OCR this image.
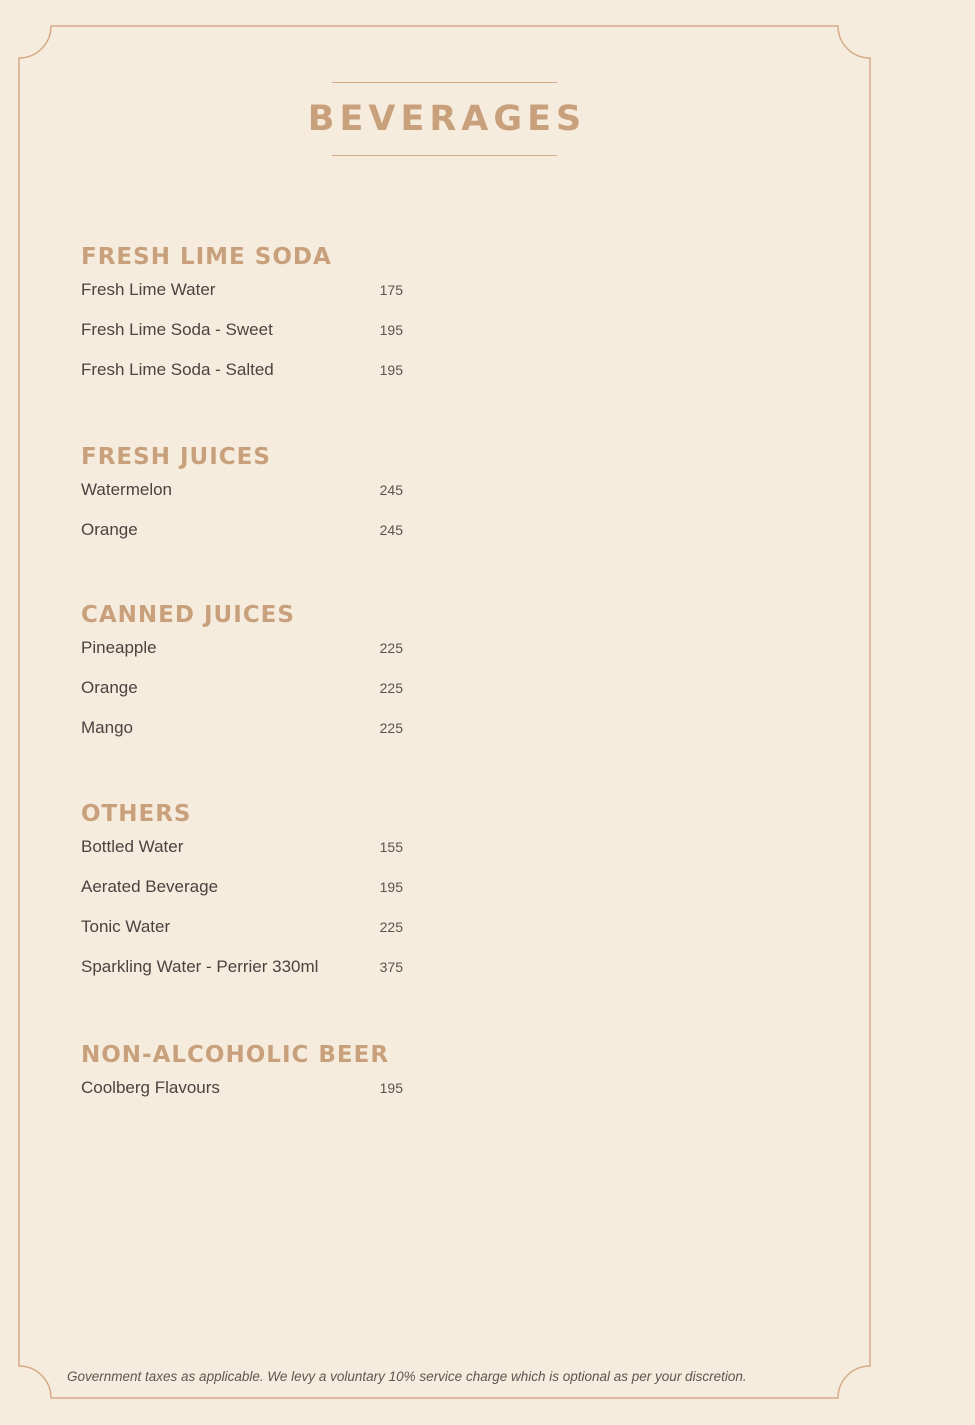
BEVERAGES
FRESH LIME SODA
Fresh Lime Water	175
Fresh Lime Soda - Sweet	195
Fresh Lime Soda - Salted	195
FRESH JUICES
Watermelon	245
Orange	245
CANNED JUICES
Pineapple	225
Orange	225
Mango	225
OTHERS
Bottled Water	155
Aerated Beverage	195
Tonic Water	225
Sparkling Water - Perrier 330ml	375
NON-ALCOHOLIC BEER
Coolberg Flavours	195

Government taxes as applicable. We levy a voluntary 10% service charge which is optional as per your discretion.
